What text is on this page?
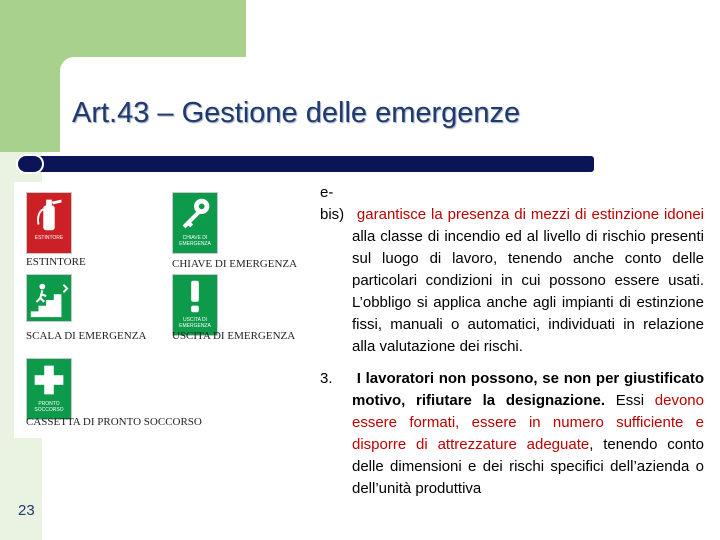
Art.43 – Gestione delle emergenze
ESTINTORE
ESTINTORE
CHIAVE DI EMERGENZA
CHIAVE DI EMERGENZA
SCALA DI EMERGENZA
USCITA DI EMERGENZA
USCITA DI EMERGENZA
PRONTO SOCCORSO
CASSETTA DI PRONTO SOCCORSO
e-bis) garantisce la presenza di mezzi di estinzione idonei alla classe di incendio ed al livello di rischio presenti sul luogo di lavoro, tenendo anche conto delle particolari condizioni in cui possono essere usati. L’obbligo si applica anche agli impianti di estinzione fissi, manuali o automatici, individuati in relazione alla valutazione dei rischi.
3. I lavoratori non possono, se non per giustificato motivo, rifiutare la designazione. Essi devono essere formati, essere in numero sufficiente e disporre di attrezzature adeguate, tenendo conto delle dimensioni e dei rischi specifici dell’azienda o dell’unità produttiva
23
